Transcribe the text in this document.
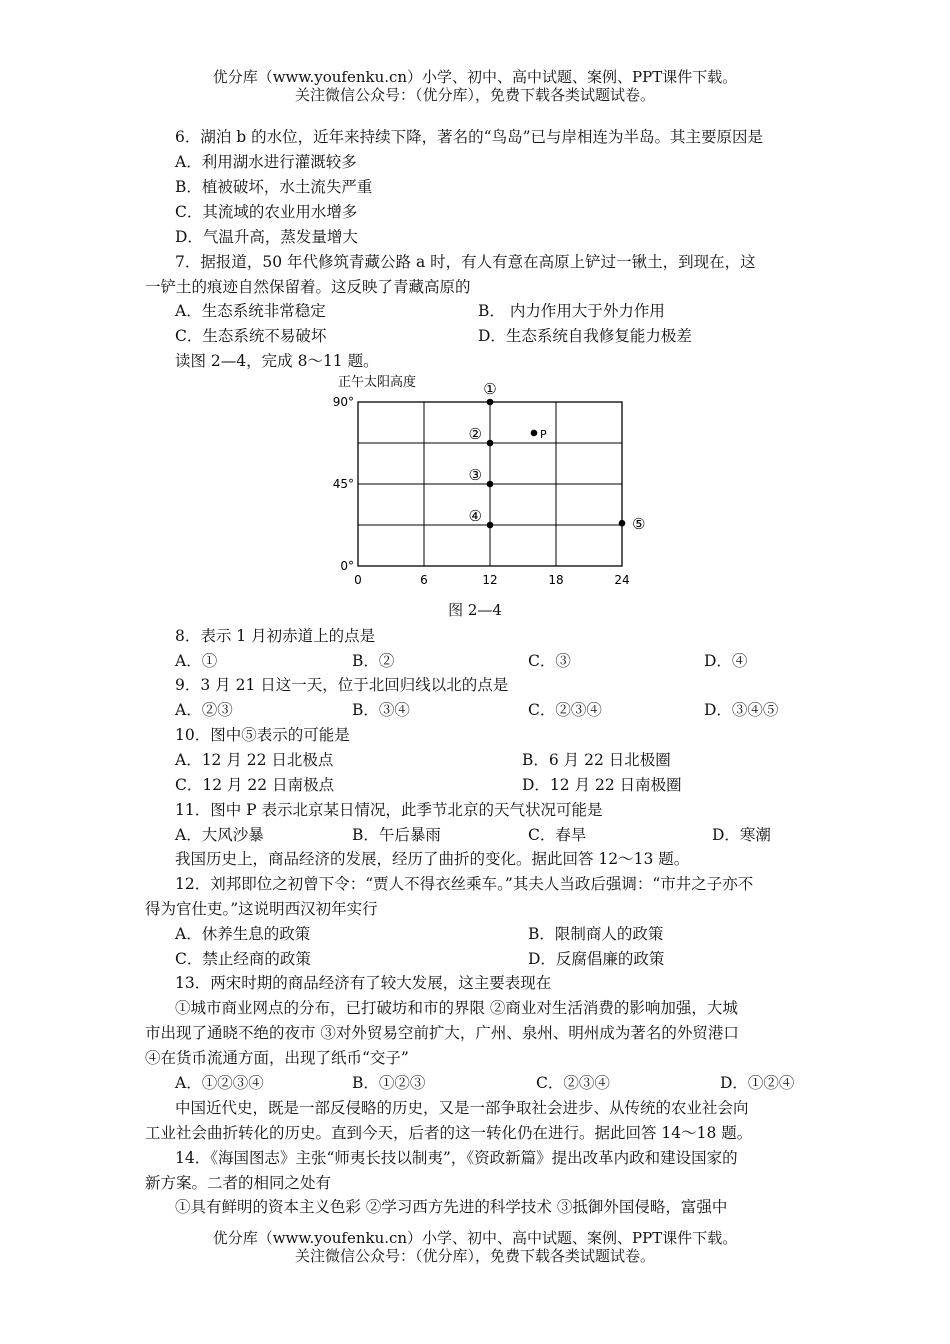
优分库（www.youfenku.cn）小学、初中、高中试题、案例、PPT课件下载。
关注微信公众号：（优分库），免费下载各类试题试卷。
6．湖泊 b 的水位，近年来持续下降，著名的“鸟岛”已与岸相连为半岛。其主要原因是
A．利用湖水进行灌溉较多
B．植被破坏，水土流失严重
C．其流域的农业用水增多
D．气温升高，蒸发量增大
7．据报道，50 年代修筑青藏公路 a 时，有人有意在高原上铲过一锹土，到现在，这
一铲土的痕迹自然保留着。这反映了青藏高原的
A．生态系统非常稳定	B． 内力作用大于外力作用
C．生态系统不易破坏	D．生态系统自我修复能力极差
读图 2—4，完成 8～11 题。
正午太阳高度
0	6	12	18	24
0°
45°
90°
①
②
③
④	⑤
P
图 2—4
8．表示 1 月初赤道上的点是
A．①	B．②	C．③	D．④
9．3 月 21 日这一天，位于北回归线以北的点是
A．②③	B．③④	C．②③④	D．③④⑤
10．图中⑤表示的可能是
A．12 月 22 日北极点	B．6 月 22 日北极圈
C．12 月 22 日南极点	D．12 月 22 日南极圈
11．图中 P 表示北京某日情况，此季节北京的天气状况可能是
A．大风沙暴	B．午后暴雨	C．春旱	D．寒潮
我国历史上，商品经济的发展，经历了曲折的变化。据此回答 12～13 题。
12．刘邦即位之初曾下令：“贾人不得衣丝乘车。”其夫人当政后强调：“市井之子亦不
得为官仕吏。”这说明西汉初年实行
A．休养生息的政策	B．限制商人的政策
C．禁止经商的政策	D．反腐倡廉的政策
13．两宋时期的商品经济有了较大发展，这主要表现在
①城市商业网点的分布，已打破坊和市的界限 ②商业对生活消费的影响加强，大城
市出现了通晓不绝的夜市 ③对外贸易空前扩大，广州、泉州、明州成为著名的外贸港口
④在货币流通方面，出现了纸币“交子”
A．①②③④	B．①②③	C．②③④	D．①②④
中国近代史，既是一部反侵略的历史，又是一部争取社会进步、从传统的农业社会向
工业社会曲折转化的历史。直到今天，后者的这一转化仍在进行。据此回答 14～18 题。
14．《海国图志》主张“师夷长技以制夷”，《资政新篇》提出改革内政和建设国家的
新方案。二者的相同之处有
①具有鲜明的资本主义色彩 ②学习西方先进的科学技术 ③抵御外国侵略，富强中
优分库（www.youfenku.cn）小学、初中、高中试题、案例、PPT课件下载。
关注微信公众号：（优分库），免费下载各类试题试卷。
